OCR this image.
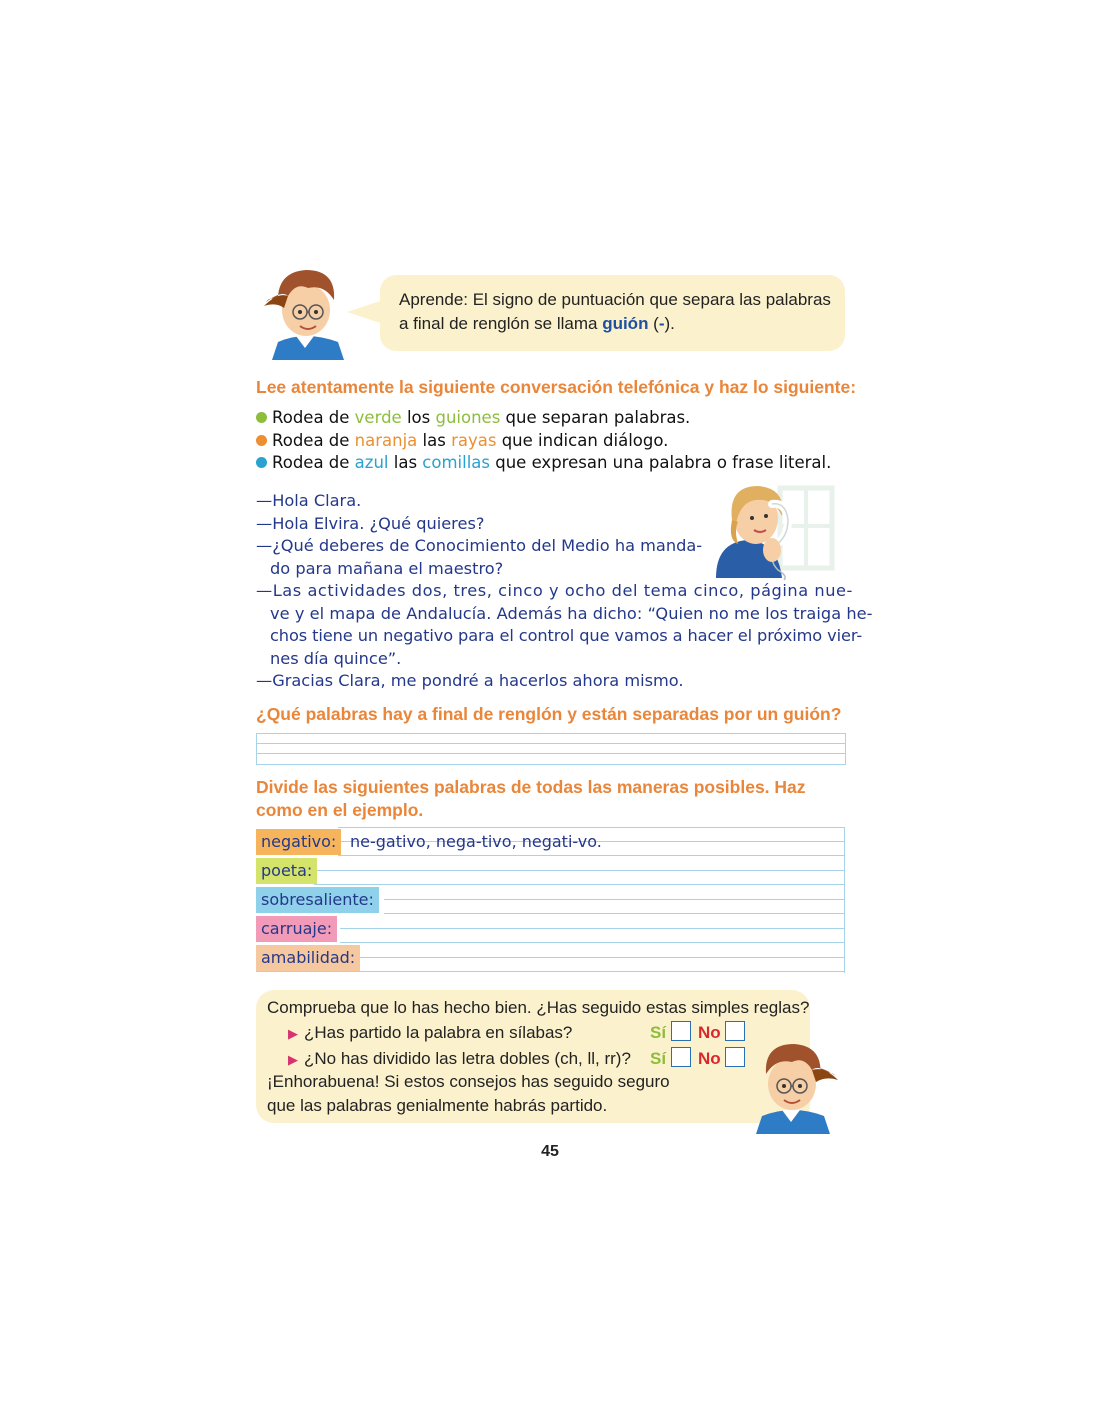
Aprende: El signo de puntuación que separa las palabras a final de renglón se llama guión (-).
Lee atentamente la siguiente conversación telefónica y haz lo siguiente:
Rodea de verde los guiones que separan palabras.
Rodea de naranja las rayas que indican diálogo.
Rodea de azul las comillas que expresan una palabra o frase literal.
—Hola Clara.
—Hola Elvira. ¿Qué quieres?
—¿Qué deberes de Conocimiento del Medio ha manda-
do para mañana el maestro?
—Las actividades dos, tres, cinco y ocho del tema cinco, página nue-
ve y el mapa de Andalucía. Además ha dicho: “Quien no me los traiga he-
chos tiene un negativo para el control que vamos a hacer el próximo vier-
nes día quince”.
—Gracias Clara, me pondré a hacerlos ahora mismo.
¿Qué palabras hay a final de renglón y están separadas por un guión?
Divide las siguientes palabras de todas las maneras posibles. Haz como en el ejemplo.
negativo: ne-gativo, nega-tivo, negati-vo.
poeta:
sobresaliente:
carruaje:
amabilidad:
Comprueba que lo has hecho bien. ¿Has seguido estas simples reglas?
▶ ¿Has partido la palabra en sílabas?	Sí No
▶ ¿No has dividido las letra dobles (ch, ll, rr)? Sí No
¡Enhorabuena! Si estos consejos has seguido seguro
que las palabras genialmente habrás partido.
45
